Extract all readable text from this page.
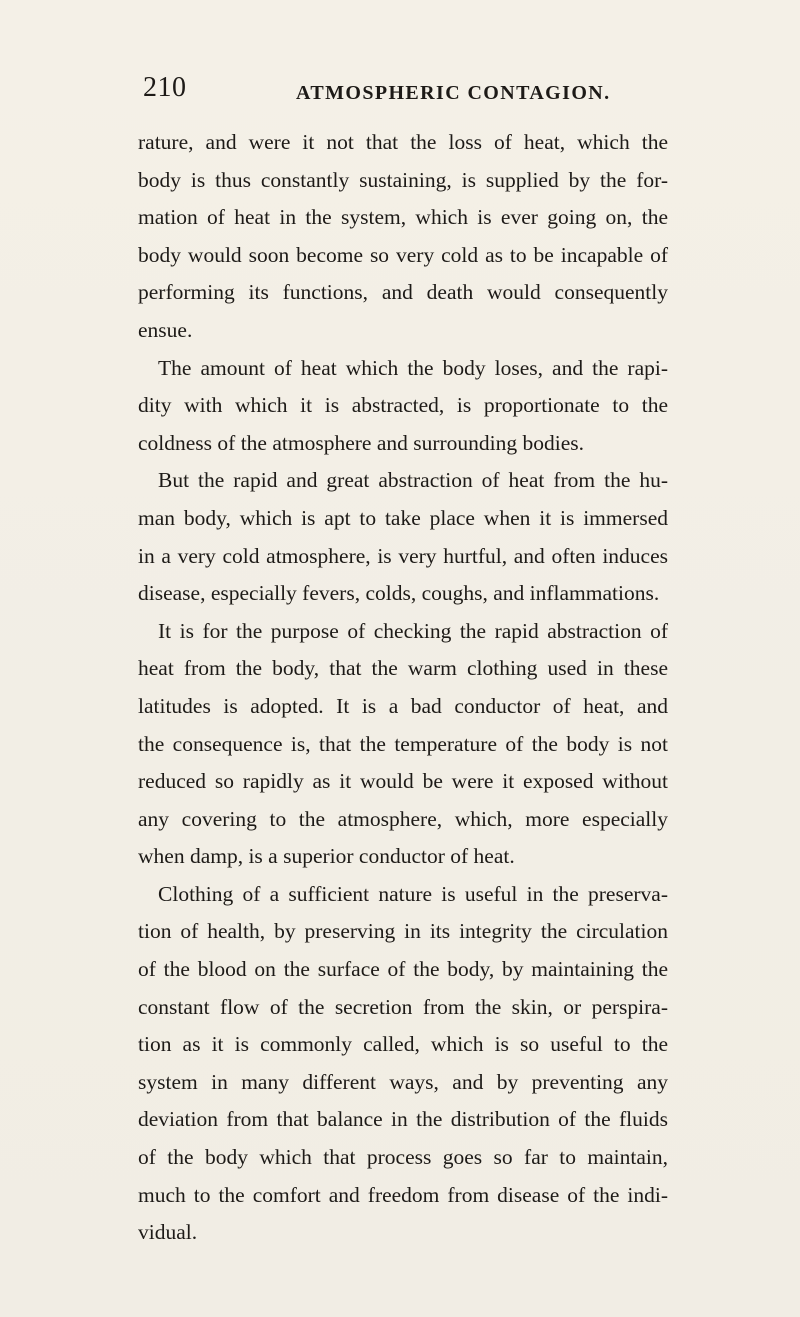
210	ATMOSPHERIC CONTAGION.

rature, and were it not that the loss of heat, which the
body is thus constantly sustaining, is supplied by the for-
mation of heat in the system, which is ever going on, the
body would soon become so very cold as to be incapable of
performing its functions, and death would consequently
ensue.

The amount of heat which the body loses, and the rapi-
dity with which it is abstracted, is proportionate to the
coldness of the atmosphere and surrounding bodies.

But the rapid and great abstraction of heat from the hu-
man body, which is apt to take place when it is immersed
in a very cold atmosphere, is very hurtful, and often induces
disease, especially fevers, colds, coughs, and inflammations.

It is for the purpose of checking the rapid abstraction of
heat from the body, that the warm clothing used in these
latitudes is adopted. It is a bad conductor of heat, and
the consequence is, that the temperature of the body is not
reduced so rapidly as it would be were it exposed without
any covering to the atmosphere, which, more especially
when damp, is a superior conductor of heat.

Clothing of a sufficient nature is useful in the preserva-
tion of health, by preserving in its integrity the circulation
of the blood on the surface of the body, by maintaining the
constant flow of the secretion from the skin, or perspira-
tion as it is commonly called, which is so useful to the
system in many different ways, and by preventing any
deviation from that balance in the distribution of the fluids
of the body which that process goes so far to maintain,
much to the comfort and freedom from disease of the indi-
vidual.
